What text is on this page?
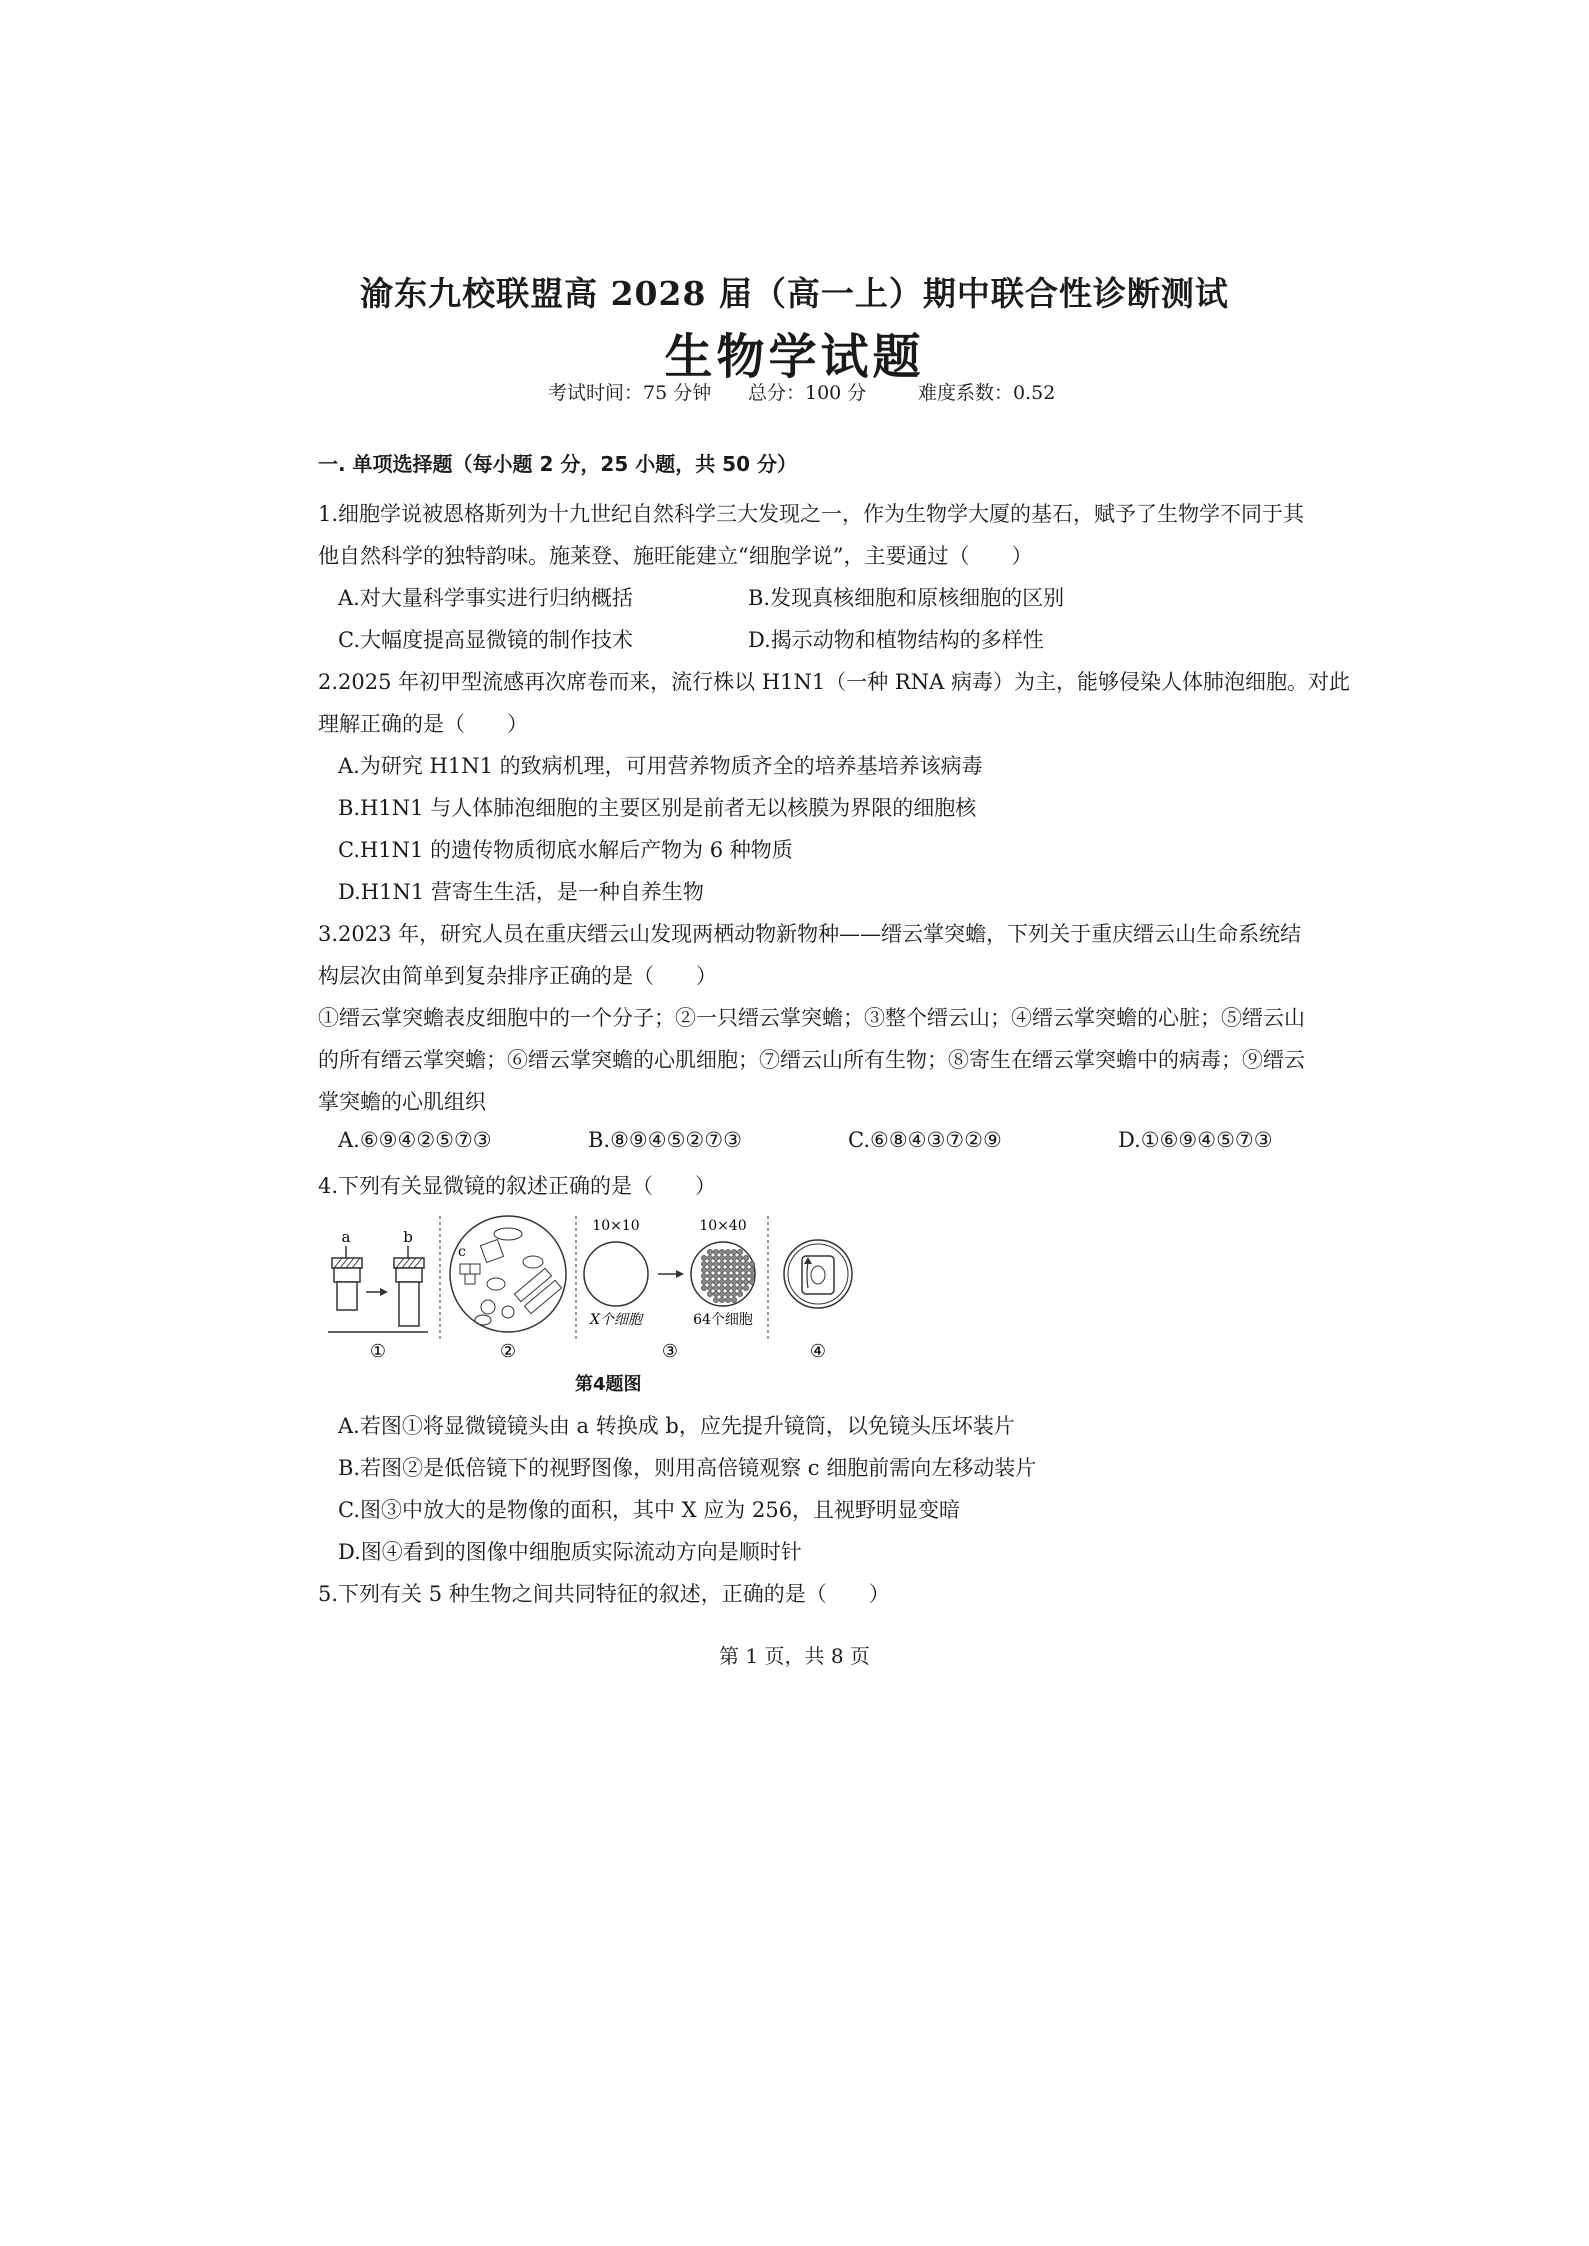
渝东九校联盟高 2028 届（高一上）期中联合性诊断测试
生物学试题
考试时间：75 分钟 总分：100 分	难度系数：0.52
一. 单项选择题（每小题 2 分，25 小题，共 50 分）
1.细胞学说被恩格斯列为十九世纪自然科学三大发现之一，作为生物学大厦的基石，赋予了生物学不同于其
他自然科学的独特韵味。施莱登、施旺能建立“细胞学说”，主要通过（　　）
A.对大量科学事实进行归纳概括	B.发现真核细胞和原核细胞的区别
C.大幅度提高显微镜的制作技术	D.揭示动物和植物结构的多样性
2.2025 年初甲型流感再次席卷而来，流行株以 H1N1（一种 RNA 病毒）为主，能够侵染人体肺泡细胞。对此
理解正确的是（　　）
A.为研究 H1N1 的致病机理，可用营养物质齐全的培养基培养该病毒
B.H1N1 与人体肺泡细胞的主要区别是前者无以核膜为界限的细胞核
C.H1N1 的遗传物质彻底水解后产物为 6 种物质
D.H1N1 营寄生生活，是一种自养生物
3.2023 年，研究人员在重庆缙云山发现两栖动物新物种——缙云掌突蟾，下列关于重庆缙云山生命系统结
构层次由简单到复杂排序正确的是（　　）
①缙云掌突蟾表皮细胞中的一个分子；②一只缙云掌突蟾；③整个缙云山；④缙云掌突蟾的心脏；⑤缙云山
的所有缙云掌突蟾；⑥缙云掌突蟾的心肌细胞；⑦缙云山所有生物；⑧寄生在缙云掌突蟾中的病毒；⑨缙云
掌突蟾的心肌组织
A.⑥⑨④②⑤⑦③	B.⑧⑨④⑤②⑦③	C.⑥⑧④③⑦②⑨	D.①⑥⑨④⑤⑦③
4.下列有关显微镜的叙述正确的是（　　）
a	b
①
c
②
10×10
X个细胞
10×40
64个细胞
③	④
第4题图
A.若图①将显微镜镜头由 a 转换成 b，应先提升镜筒，以免镜头压坏装片
B.若图②是低倍镜下的视野图像，则用高倍镜观察 c 细胞前需向左移动装片
C.图③中放大的是物像的面积，其中 X 应为 256，且视野明显变暗
D.图④看到的图像中细胞质实际流动方向是顺时针
5.下列有关 5 种生物之间共同特征的叙述，正确的是（　　）
第 1 页，共 8 页
